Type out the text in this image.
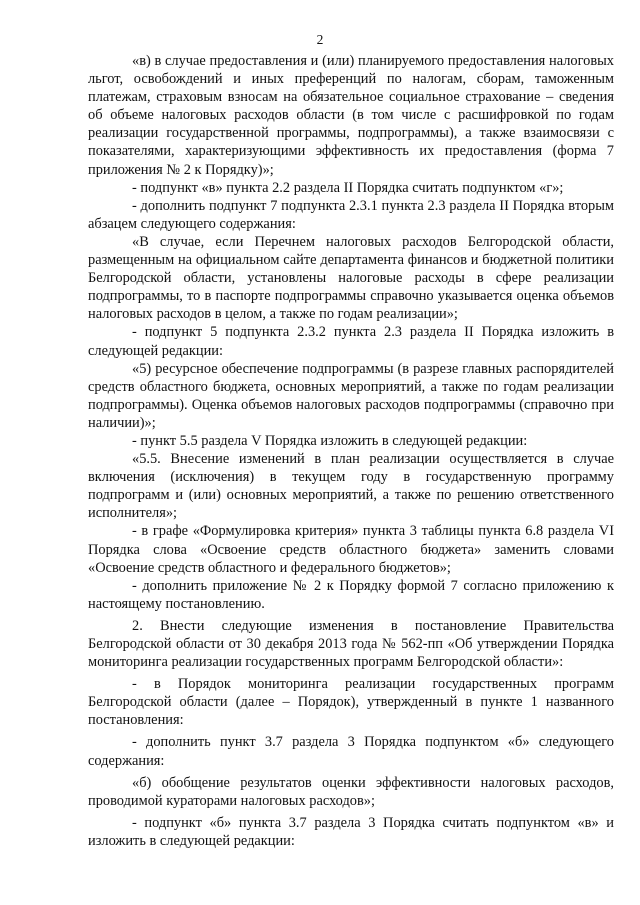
2

«в) в случае предоставления и (или) планируемого предоставления налоговых льгот, освобождений и иных преференций по налогам, сборам, таможенным платежам, страховым взносам на обязательное социальное страхование – сведения об объеме налоговых расходов области (в том числе с расшифровкой по годам реализации государственной программы, подпрограммы), а также взаимосвязи с показателями, характеризующими эффективность их предоставления (форма 7 приложения № 2 к Порядку)»;

- подпункт «в» пункта 2.2 раздела II Порядка считать подпунктом «г»;

- дополнить подпункт 7 подпункта 2.3.1 пункта 2.3 раздела II Порядка вторым абзацем следующего содержания:

«В случае, если Перечнем налоговых расходов Белгородской области, размещенным на официальном сайте департамента финансов и бюджетной политики Белгородской области, установлены налоговые расходы в сфере реализации подпрограммы, то в паспорте подпрограммы справочно указывается оценка объемов налоговых расходов в целом, а также по годам реализации»;

- подпункт 5 подпункта 2.3.2 пункта 2.3 раздела II Порядка изложить в следующей редакции:

«5) ресурсное обеспечение подпрограммы (в разрезе главных распорядителей средств областного бюджета, основных мероприятий, а также по годам реализации подпрограммы). Оценка объемов налоговых расходов подпрограммы (справочно при наличии)»;

- пункт 5.5 раздела V Порядка изложить в следующей редакции:

«5.5. Внесение изменений в план реализации осуществляется в случае включения (исключения) в текущем году в государственную программу подпрограмм и (или) основных мероприятий, а также по решению ответственного исполнителя»;

- в графе «Формулировка критерия» пункта 3 таблицы пункта 6.8 раздела VI Порядка слова «Освоение средств областного бюджета» заменить словами «Освоение средств областного и федерального бюджетов»;

- дополнить приложение № 2 к Порядку формой 7 согласно приложению к настоящему постановлению.

2. Внести следующие изменения в постановление Правительства Белгородской области от 30 декабря 2013 года № 562-пп «Об утверждении Порядка мониторинга реализации государственных программ Белгородской области»:

- в Порядок мониторинга реализации государственных программ Белгородской области (далее – Порядок), утвержденный в пункте 1 названного постановления:

- дополнить пункт 3.7 раздела 3 Порядка подпунктом «б» следующего содержания:

«б) обобщение результатов оценки эффективности налоговых расходов, проводимой кураторами налоговых расходов»;

- подпункт «б» пункта 3.7 раздела 3 Порядка считать подпунктом «в» и изложить в следующей редакции:
